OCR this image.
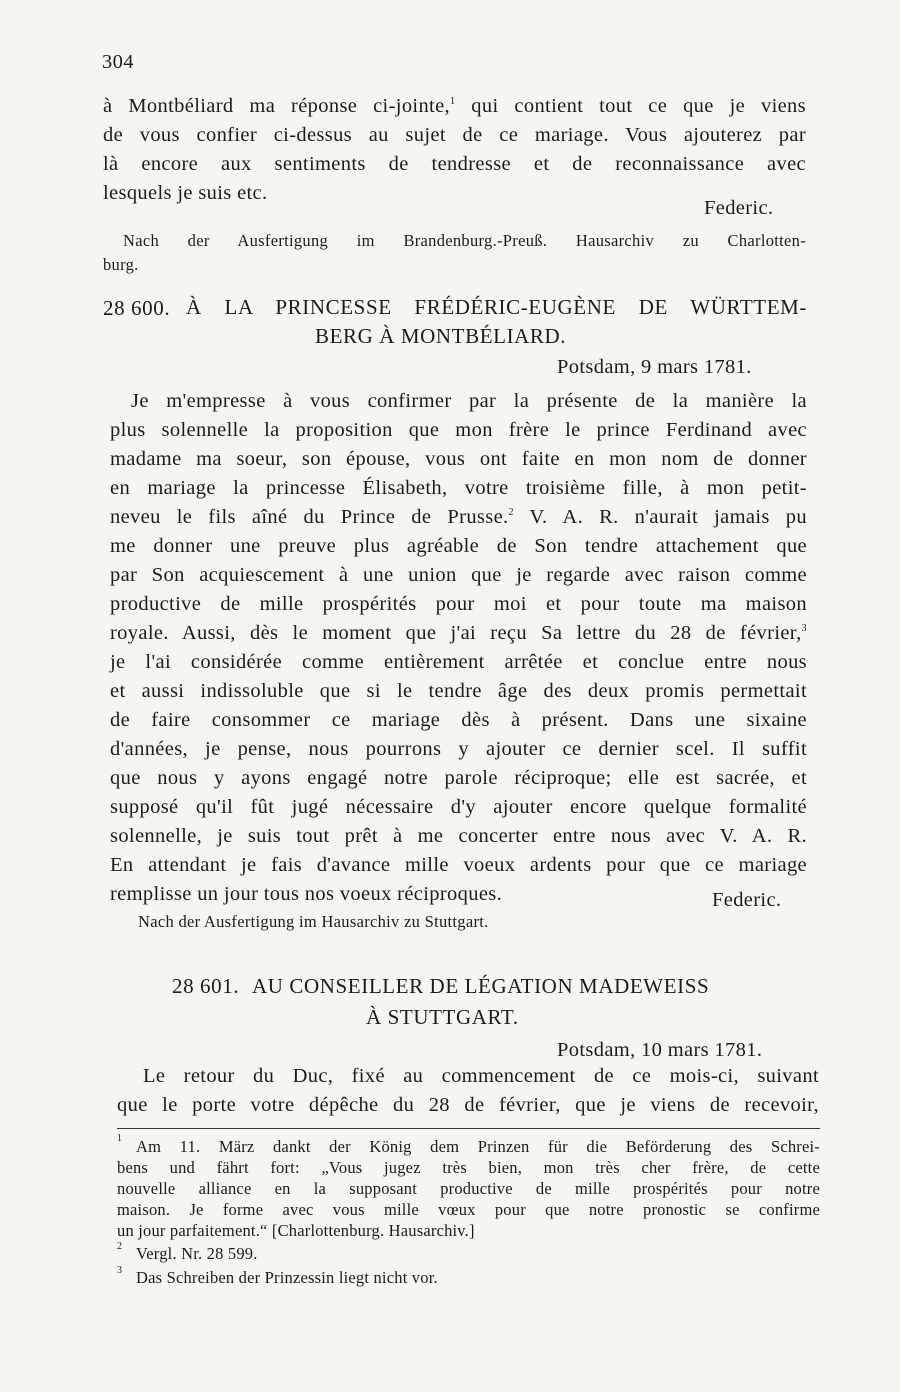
304
à Montbéliard ma réponse ci-jointe,$^1$ qui contient tout ce que je viens
de vous confier ci-dessus au sujet de ce mariage. Vous ajouterez par
là encore aux sentiments de tendresse et de reconnaissance avec
lesquels je suis etc.
Federic.
Nach der Ausfertigung im Brandenburg.-Preuß. Hausarchiv zu Charlotten-
burg.
28 600. À LA PRINCESSE FRÉDÉRIC-EUGÈNE DE WÜRTTEM-
BERG À MONTBÉLIARD.
Potsdam, 9 mars 1781.
Je m'empresse à vous confirmer par la présente de la manière la
plus solennelle la proposition que mon frère le prince Ferdinand avec
madame ma soeur, son épouse, vous ont faite en mon nom de donner
en mariage la princesse Élisabeth, votre troisième fille, à mon petit-
neveu le fils aîné du Prince de Prusse.$^2$ V. A. R. n'aurait jamais pu
me donner une preuve plus agréable de Son tendre attachement que
par Son acquiescement à une union que je regarde avec raison comme
productive de mille prospérités pour moi et pour toute ma maison
royale. Aussi, dès le moment que j'ai reçu Sa lettre du 28 de février,$^3$
je l'ai considérée comme entièrement arrêtée et conclue entre nous
et aussi indissoluble que si le tendre âge des deux promis permettait
de faire consommer ce mariage dès à présent. Dans une sixaine
d'années, je pense, nous pourrons y ajouter ce dernier scel. Il suffit
que nous y ayons engagé notre parole réciproque; elle est sacrée, et
supposé qu'il fût jugé nécessaire d'y ajouter encore quelque formalité
solennelle, je suis tout prêt à me concerter entre nous avec V. A. R.
En attendant je fais d'avance mille voeux ardents pour que ce mariage
remplisse un jour tous nos voeux réciproques.	Federic.
Nach der Ausfertigung im Hausarchiv zu Stuttgart.
28 601. AU CONSEILLER DE LÉGATION MADEWEISS
À STUTTGART.
Potsdam, 10 mars 1781.
Le retour du Duc, fixé au commencement de ce mois-ci, suivant
que le porte votre dépêche du 28 de février, que je viens de recevoir,
$^1$ Am 11. März dankt der König dem Prinzen für die Beförderung des Schrei-
bens und fährt fort: „Vous jugez très bien, mon très cher frère, de cette
nouvelle alliance en la supposant productive de mille prospérités pour notre
maison. Je forme avec vous mille vœux pour que notre pronostic se confirme
un jour parfaitement.“ [Charlottenburg. Hausarchiv.]
$^2$ Vergl. Nr. 28 599.
$^3$ Das Schreiben der Prinzessin liegt nicht vor.
